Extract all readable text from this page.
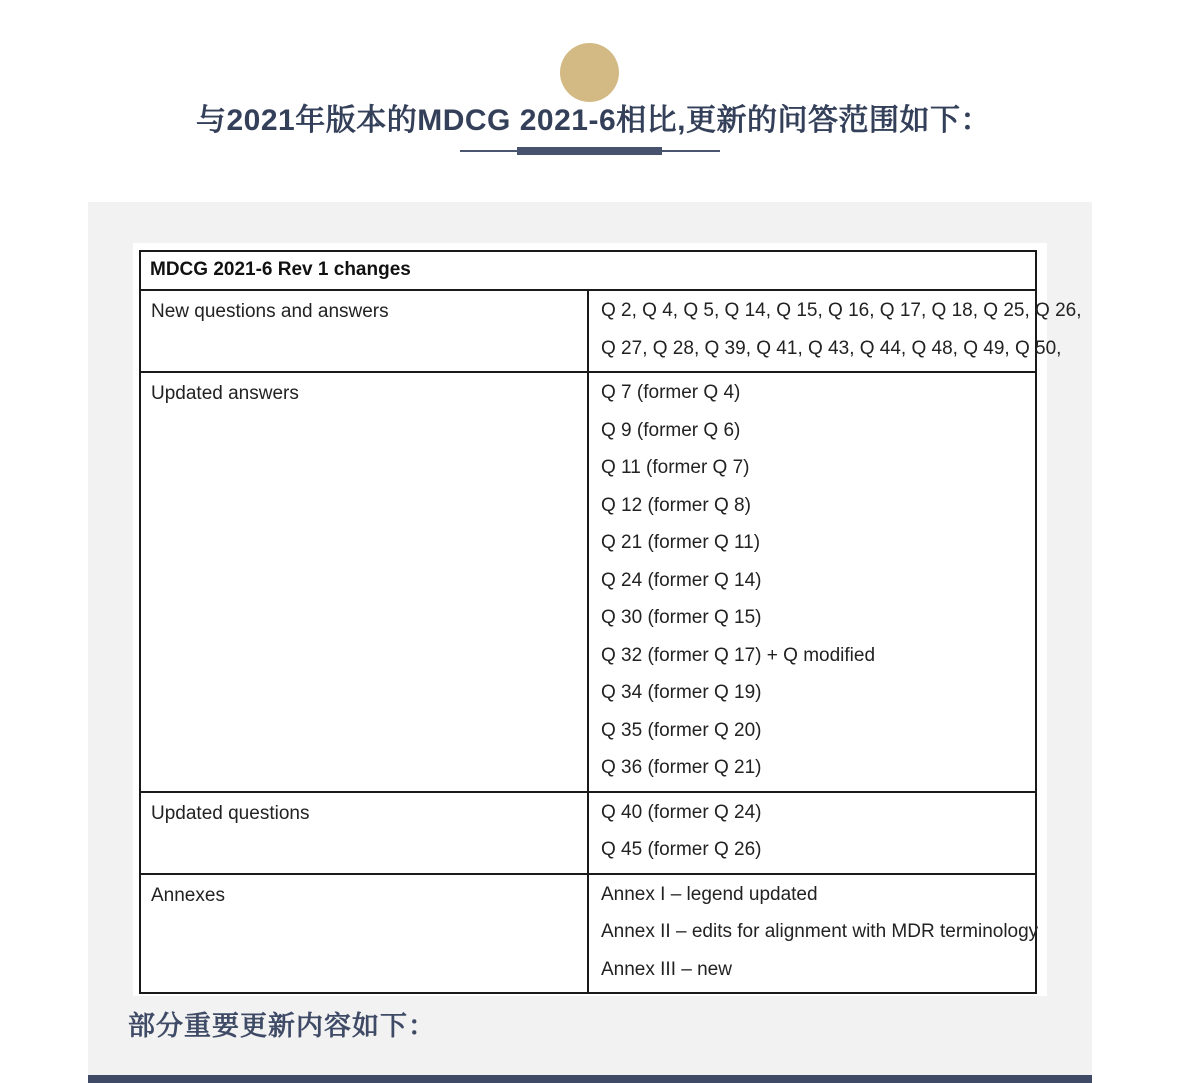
与2021年版本的MDCG 2021-6相比,更新的问答范围如下：
MDCG 2021-6 Rev 1 changes	
New questions and answers	Q 2, Q 4, Q 5, Q 14, Q 15, Q 16, Q 17, Q 18, Q 25, Q 26,
Q 27, Q 28, Q 39, Q 41, Q 43, Q 44, Q 48, Q 49, Q 50,

Updated answers	Q 7 (former Q 4)
Q 9 (former Q 6)
Q 11 (former Q 7)
Q 12 (former Q 8)
Q 21 (former Q 11)
Q 24 (former Q 14)
Q 30 (former Q 15)
Q 32 (former Q 17) + Q modified
Q 34 (former Q 19)
Q 35 (former Q 20)
Q 36 (former Q 21)

Updated questions	Q 40 (former Q 24)
Q 45 (former Q 26)

Annexes	Annex I – legend updated
Annex II – edits for alignment with MDR terminology
Annex III – new
部分重要更新内容如下：
